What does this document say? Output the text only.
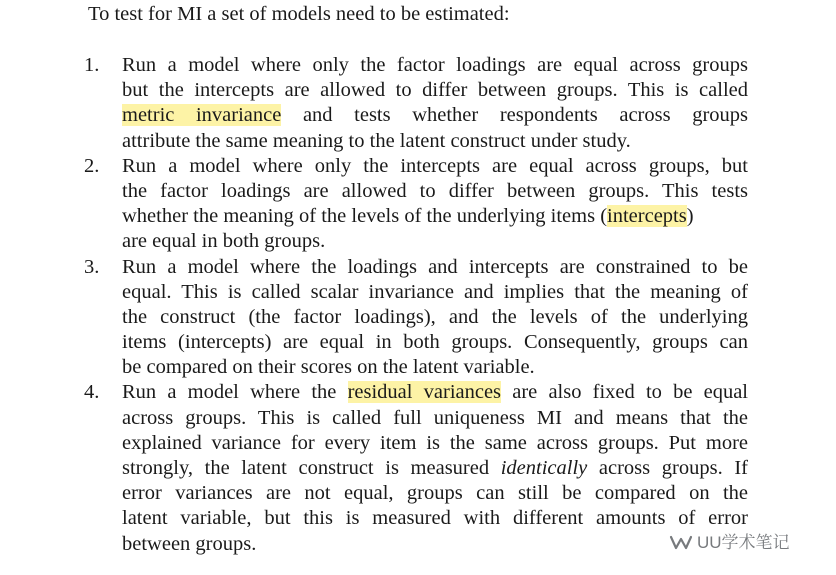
To test for MI a set of models need to be estimated:
1. Run a model where only the factor loadings are equal across groups
but the intercepts are allowed to differ between groups. This is called
metric invariance and tests whether respondents across groups
attribute the same meaning to the latent construct under study.
2. Run a model where only the intercepts are equal across groups, but
the factor loadings are allowed to differ between groups. This tests
whether the meaning of the levels of the underlying items (intercepts)
are equal in both groups.
3. Run a model where the loadings and intercepts are constrained to be
equal. This is called scalar invariance and implies that the meaning of
the construct (the factor loadings), and the levels of the underlying
items (intercepts) are equal in both groups. Consequently, groups can
be compared on their scores on the latent variable.
4. Run a model where the residual variances are also fixed to be equal
across groups. This is called full uniqueness MI and means that the
explained variance for every item is the same across groups. Put more
strongly, the latent construct is measured identically across groups. If
error variances are not equal, groups can still be compared on the
latent variable, but this is measured with different amounts of error
between groups.	UU学术笔记
